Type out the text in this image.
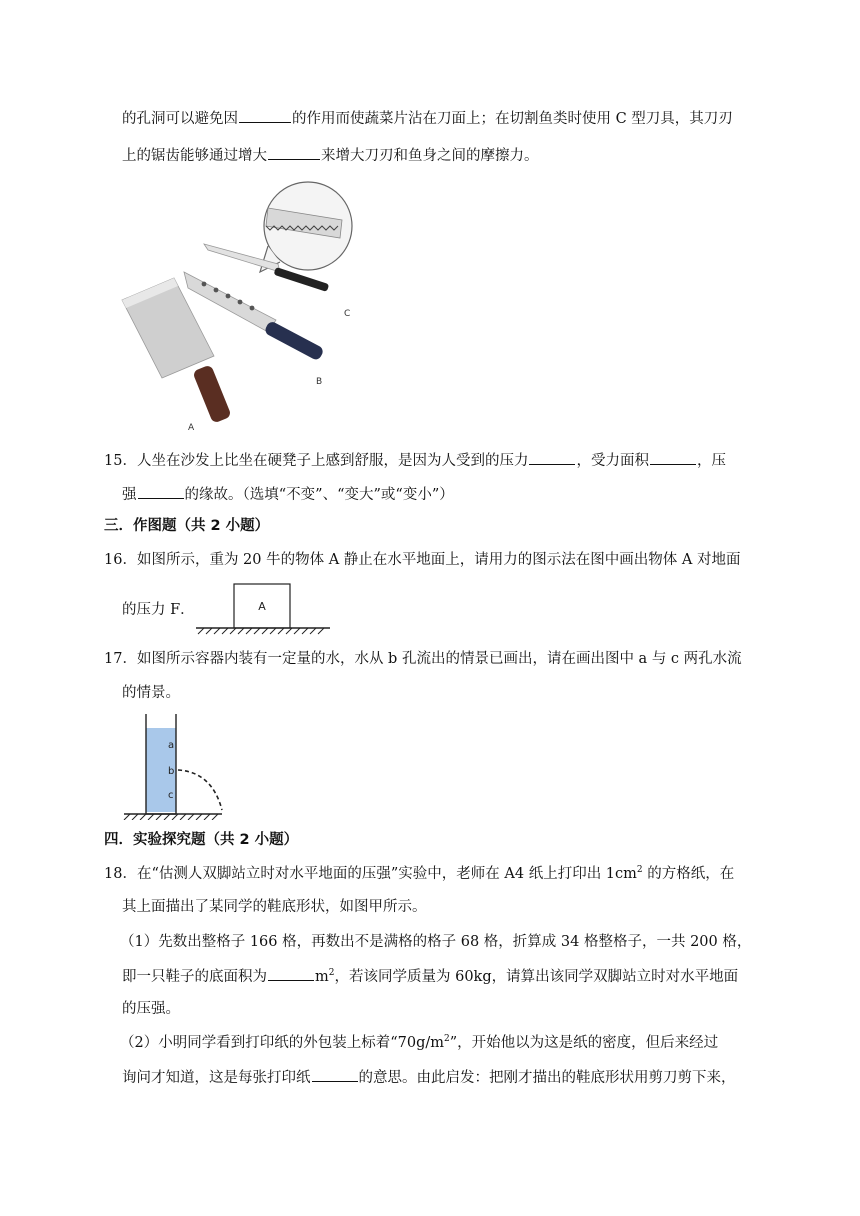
的孔洞可以避免因	的作用而使蔬菜片沾在刀面上；在切割鱼类时使用 C 型刀具，其刀刃
上的锯齿能够通过增大	来增大刀刃和鱼身之间的摩擦力。
C
B
A
15．人坐在沙发上比坐在硬凳子上感到舒服，是因为人受到的压力	，受力面积	，压
强	的缘故。（选填“不变”、“变大”或“变小”）
三．作图题（共 2 小题）
16．如图所示，重为 20 牛的物体 A 静止在水平地面上，请用力的图示法在图中画出物体 A 对地面
的压力 F．	A
17．如图所示容器内装有一定量的水，水从 b 孔流出的情景已画出，请在画出图中 a 与 c 两孔水流
的情景。
a
b
c
四．实验探究题（共 2 小题）
18．在“估测人双脚站立时对水平地面的压强”实验中，老师在 A4 纸上打印出 $1cm^2$ 的方格纸，在
其上面描出了某同学的鞋底形状，如图甲所示。
（1）先数出整格子 166 格，再数出不是满格的格子 68 格，折算成 34 格整格子，一共 200 格，
即一只鞋子的底面积为	$m^2$，若该同学质量为 60kg，请算出该同学双脚站立时对水平地面
的压强。
（2）小明同学看到打印纸的外包装上标着“$70g/m^2$”，开始他以为这是纸的密度，但后来经过
询问才知道，这是每张打印纸	的意思。由此启发：把刚才描出的鞋底形状用剪刀剪下来，
